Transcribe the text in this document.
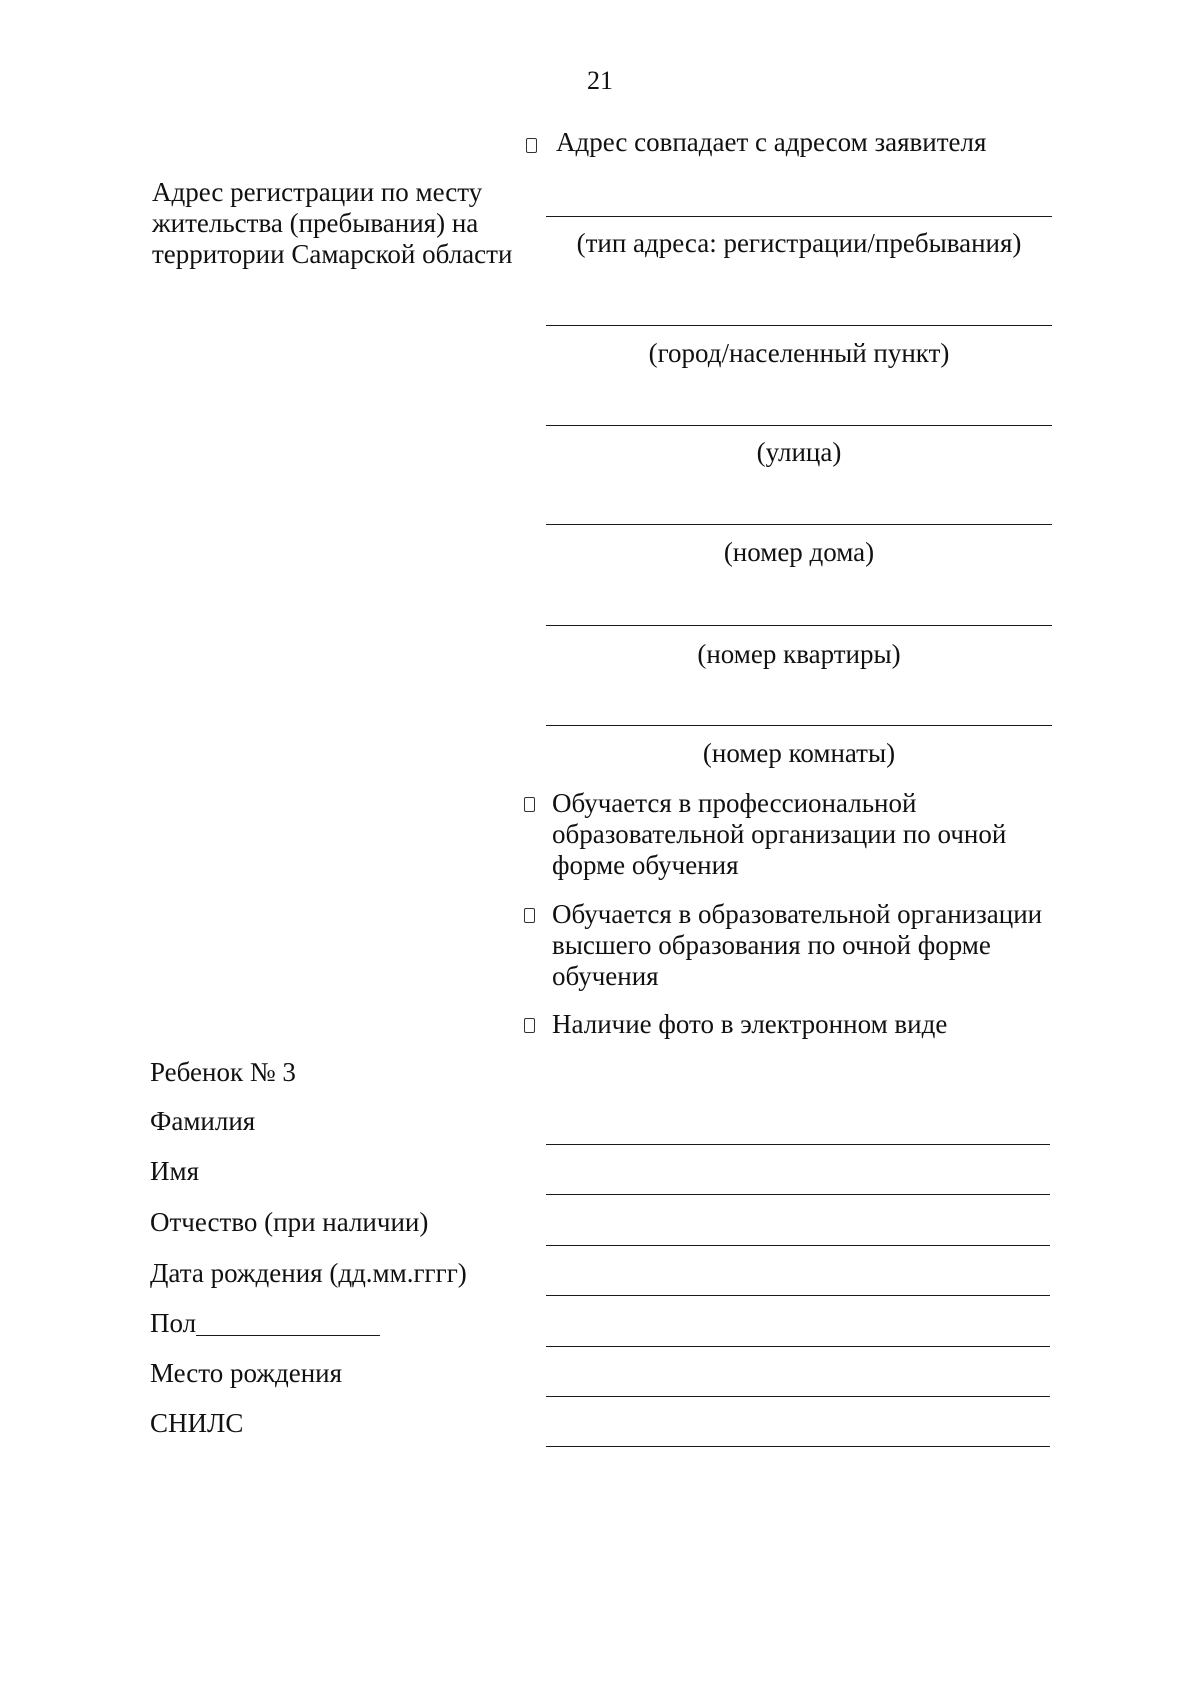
21
Адрес совпадает с адресом заявителя
Адрес регистрации по месту
жительства (пребывания) на
территории Самарской области	(тип адреса: регистрации/пребывания)
(город/населенный пункт)
(улица)
(номер дома)
(номер квартиры)
(номер комнаты)
Обучается в профессиональной
образовательной организации по очной
форме обучения
Обучается в образовательной организации
высшего образования по очной форме
обучения
Наличие фото в электронном виде
Ребенок № 3
Фамилия
Имя
Отчество (при наличии)
Дата рождения (дд.мм.гггг)
Пол
Место рождения
СНИЛС
